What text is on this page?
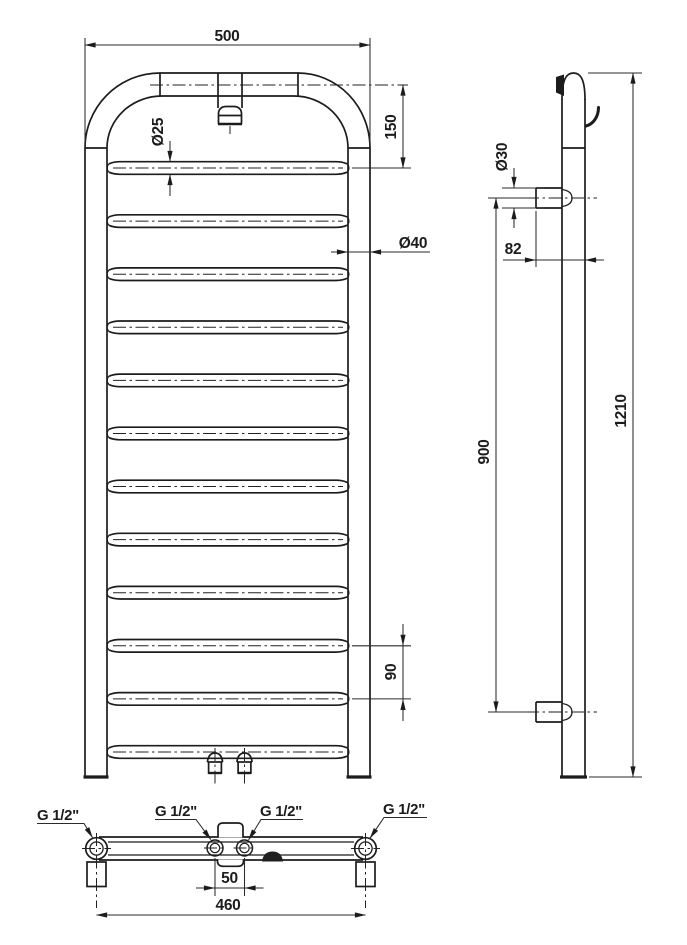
500
150
Ø25
Ø40
90
Ø30
82
900
1210
G 1/2"	G 1/2"	G 1/2"	G 1/2"
50
460
